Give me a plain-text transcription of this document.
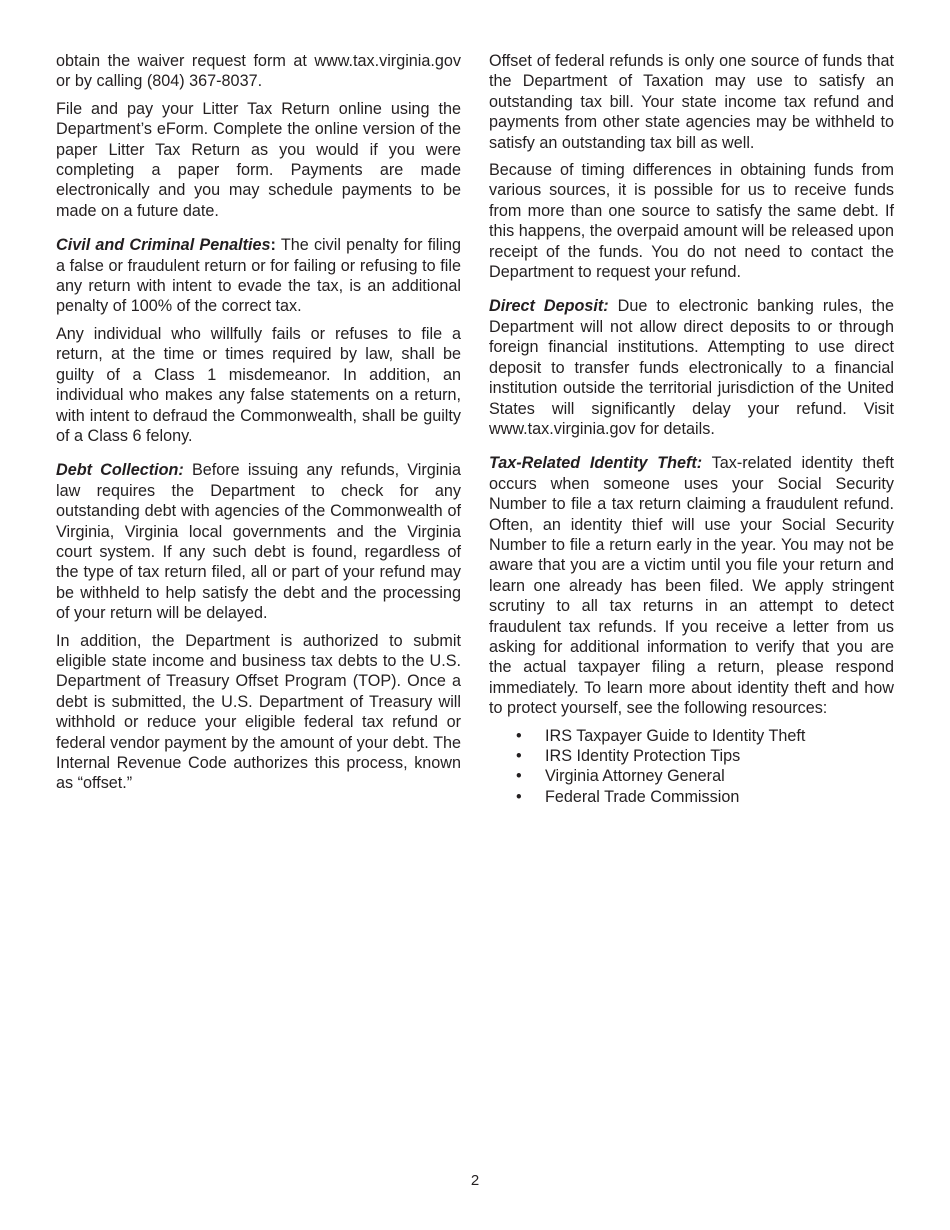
obtain the waiver request form at www.tax.virginia.gov or by calling (804) 367-8037.

File and pay your Litter Tax Return online using the Department’s eForm. Complete the online version of the paper Litter Tax Return as you would if you were completing a paper form. Payments are made electronically and you may schedule payments to be made on a future date.

Civil and Criminal Penalties: The civil penalty for filing a false or fraudulent return or for failing or refusing to file any return with intent to evade the tax, is an additional penalty of 100% of the correct tax.

Any individual who willfully fails or refuses to file a return, at the time or times required by law, shall be guilty of a Class 1 misdemeanor. In addition, an individual who makes any false statements on a return, with intent to defraud the Commonwealth, shall be guilty of a Class 6 felony.

Debt Collection: Before issuing any refunds, Virginia law requires the Department to check for any outstanding debt with agencies of the Commonwealth of Virginia, Virginia local governments and the Virginia court system. If any such debt is found, regardless of the type of tax return filed, all or part of your refund may be withheld to help satisfy the debt and the processing of your return will be delayed.

In addition, the Department is authorized to submit eligible state income and business tax debts to the U.S. Department of Treasury Offset Program (TOP). Once a debt is submitted, the U.S. Department of Treasury will withhold or reduce your eligible federal tax refund or federal vendor payment by the amount of your debt. The Internal Revenue Code authorizes this process, known as “offset.”

Offset of federal refunds is only one source of funds that the Department of Taxation may use to satisfy an outstanding tax bill. Your state income tax refund and payments from other state agencies may be withheld to satisfy an outstanding tax bill as well.

Because of timing differences in obtaining funds from various sources, it is possible for us to receive funds from more than one source to satisfy the same debt. If this happens, the overpaid amount will be released upon receipt of the funds. You do not need to contact the Department to request your refund.

Direct Deposit: Due to electronic banking rules, the Department will not allow direct deposits to or through foreign financial institutions. Attempting to use direct deposit to transfer funds electronically to a financial institution outside the territorial jurisdiction of the United States will significantly delay your refund. Visit www.tax.virginia.gov for details.

Tax-Related Identity Theft: Tax-related identity theft occurs when someone uses your Social Security Number to file a tax return claiming a fraudulent refund. Often, an identity thief will use your Social Security Number to file a return early in the year. You may not be aware that you are a victim until you file your return and learn one already has been filed. We apply stringent scrutiny to all tax returns in an attempt to detect fraudulent tax refunds. If you receive a letter from us asking for additional information to verify that you are the actual taxpayer filing a return, please respond immediately. To learn more about identity theft and how to protect yourself, see the following resources:

• IRS Taxpayer Guide to Identity Theft
• IRS Identity Protection Tips
• Virginia Attorney General
• Federal Trade Commission
2
